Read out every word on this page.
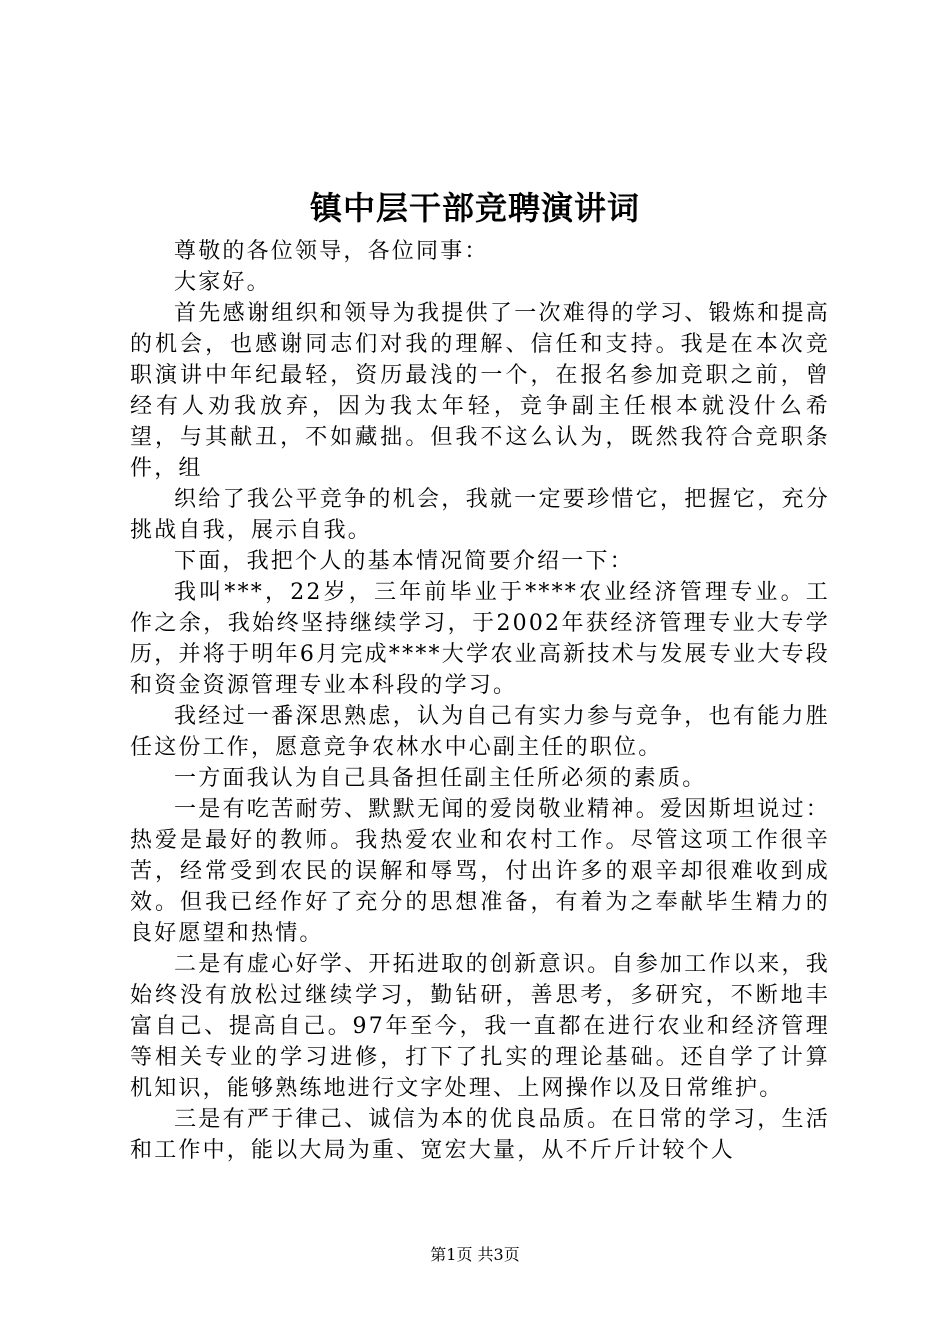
镇中层干部竞聘演讲词

尊敬的各位领导，各位同事：

大家好。

首先感谢组织和领导为我提供了一次难得的学习、锻炼和提高的机会，也感谢同志们对我的理解、信任和支持。我是在本次竞职演讲中年纪最轻，资历最浅的一个，在报名参加竞职之前，曾经有人劝我放弃，因为我太年轻，竞争副主任根本就没什么希望，与其献丑，不如藏拙。但我不这么认为，既然我符合竞职条件，组

织给了我公平竞争的机会，我就一定要珍惜它，把握它，充分挑战自我，展示自我。

下面，我把个人的基本情况简要介绍一下：

我叫***，22岁，三年前毕业于****农业经济管理专业。工作之余，我始终坚持继续学习，于2002年获经济管理专业大专学历，并将于明年6月完成****大学农业高新技术与发展专业大专段和资金资源管理专业本科段的学习。

我经过一番深思熟虑，认为自己有实力参与竞争，也有能力胜任这份工作，愿意竞争农林水中心副主任的职位。

一方面我认为自己具备担任副主任所必须的素质。

一是有吃苦耐劳、默默无闻的爱岗敬业精神。爱因斯坦说过：热爱是最好的教师。我热爱农业和农村工作。尽管这项工作很辛苦，经常受到农民的误解和辱骂，付出许多的艰辛却很难收到成效。但我已经作好了充分的思想准备，有着为之奉献毕生精力的良好愿望和热情。

二是有虚心好学、开拓进取的创新意识。自参加工作以来，我始终没有放松过继续学习，勤钻研，善思考，多研究，不断地丰富自己、提高自己。97年至今，我一直都在进行农业和经济管理等相关专业的学习进修，打下了扎实的理论基础。还自学了计算机知识，能够熟练地进行文字处理、上网操作以及日常维护。

三是有严于律己、诚信为本的优良品质。在日常的学习，生活和工作中，能以大局为重、宽宏大量，从不斤斤计较个人

第1页 共3页
